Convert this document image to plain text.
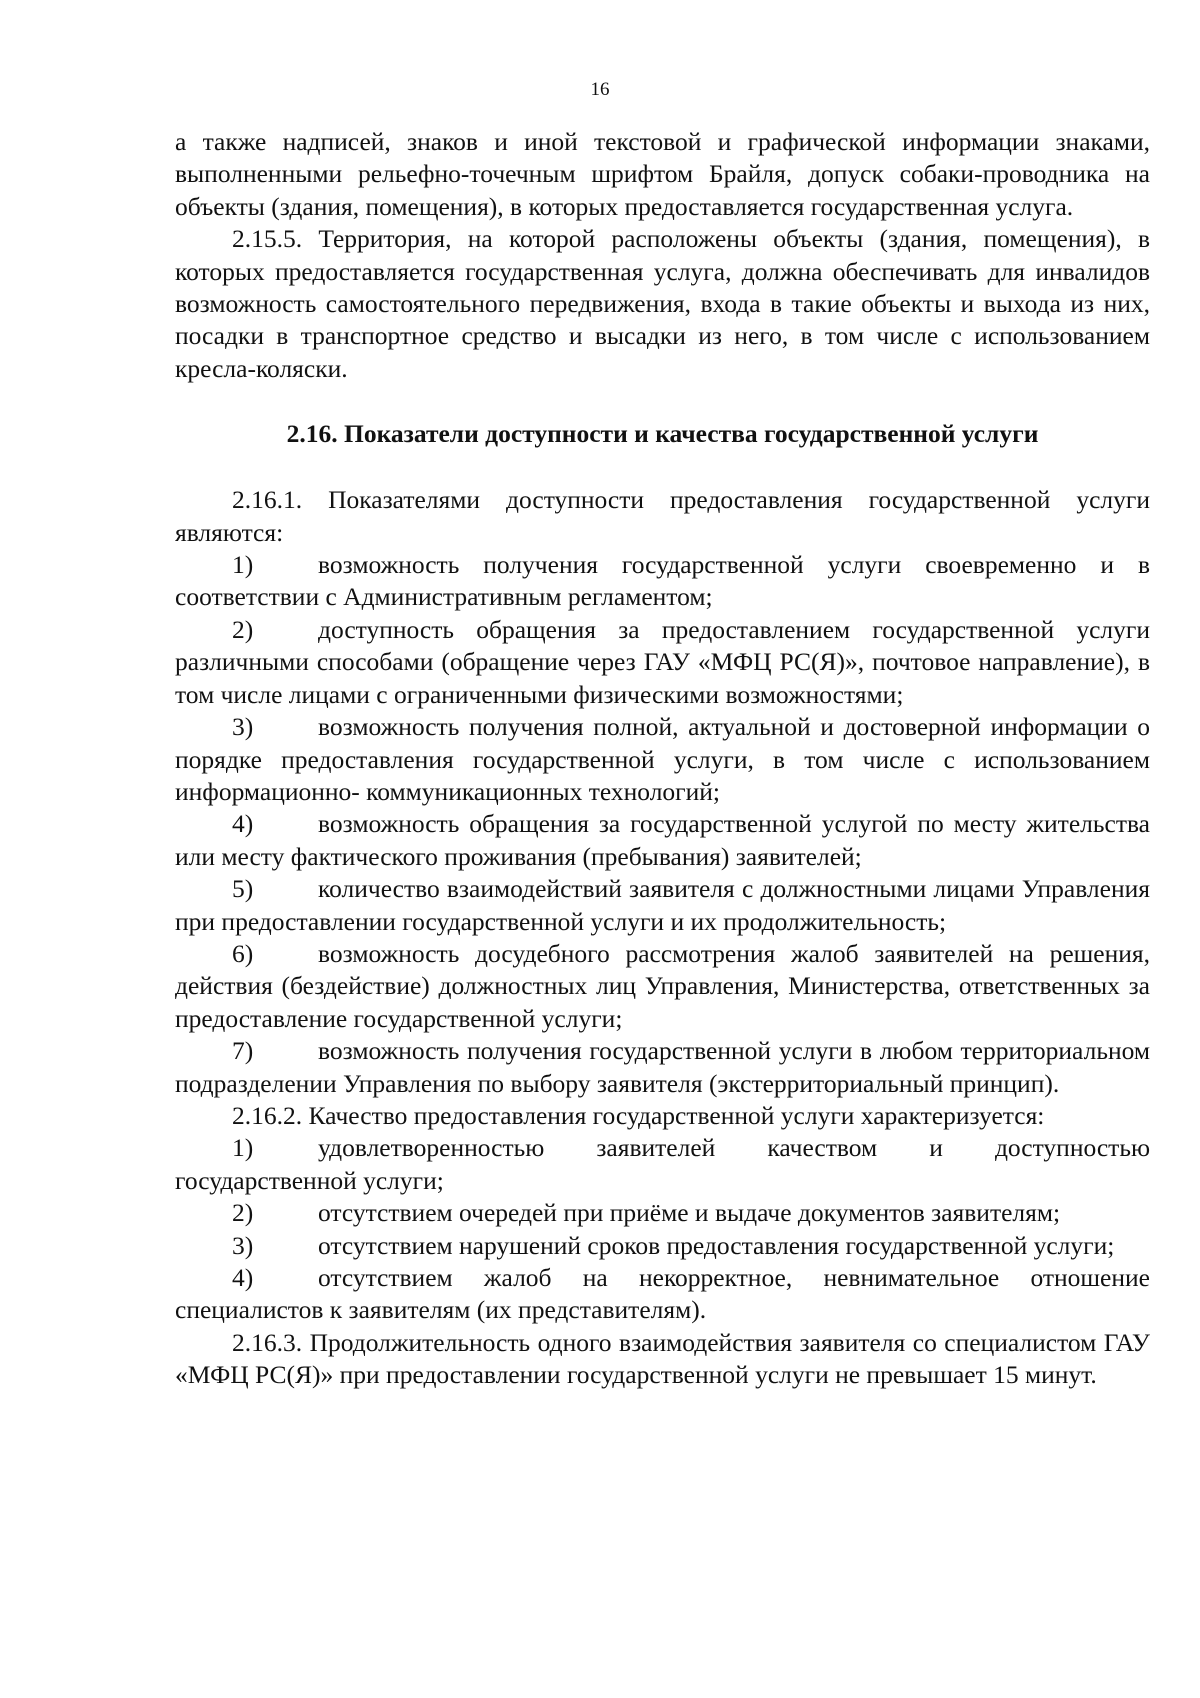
16

а также надписей, знаков и иной текстовой и графической информации знаками, выполненными рельефно-точечным шрифтом Брайля, допуск собаки-проводника на объекты (здания, помещения), в которых предоставляется государственная услуга.

2.15.5. Территория, на которой расположены объекты (здания, помещения), в которых предоставляется государственная услуга, должна обеспечивать для инвалидов возможность самостоятельного передвижения, входа в такие объекты и выхода из них, посадки в транспортное средство и высадки из него, в том числе с использованием кресла-коляски.

2.16. Показатели доступности и качества государственной услуги

2.16.1. Показателями доступности предоставления государственной услуги являются:

1)	возможность получения государственной услуги своевременно и в соответствии с Административным регламентом;

2)	доступность обращения за предоставлением государственной услуги различными способами (обращение через ГАУ «МФЦ РС(Я)», почтовое направление), в том числе лицами с ограниченными физическими возможностями;

3)	возможность получения полной, актуальной и достоверной информации о порядке предоставления государственной услуги, в том числе с использованием информационно- коммуникационных технологий;

4)	возможность обращения за государственной услугой по месту жительства или месту фактического проживания (пребывания) заявителей;

5)	количество взаимодействий заявителя с должностными лицами Управления при предоставлении государственной услуги и их продолжительность;

6)	возможность досудебного рассмотрения жалоб заявителей на решения, действия (бездействие) должностных лиц Управления, Министерства, ответственных за предоставление государственной услуги;

7)	возможность получения государственной услуги в любом территориальном подразделении Управления по выбору заявителя (экстерриториальный принцип).

2.16.2. Качество предоставления государственной услуги характеризуется:

1)	удовлетворенностью заявителей качеством и доступностью государственной услуги;

2)	отсутствием очередей при приёме и выдаче документов заявителям;

3)	отсутствием нарушений сроков предоставления государственной услуги;

4)	отсутствием жалоб на некорректное, невнимательное отношение специалистов к заявителям (их представителям).

2.16.3. Продолжительность одного взаимодействия заявителя со специалистом ГАУ «МФЦ РС(Я)» при предоставлении государственной услуги не превышает 15 минут.
